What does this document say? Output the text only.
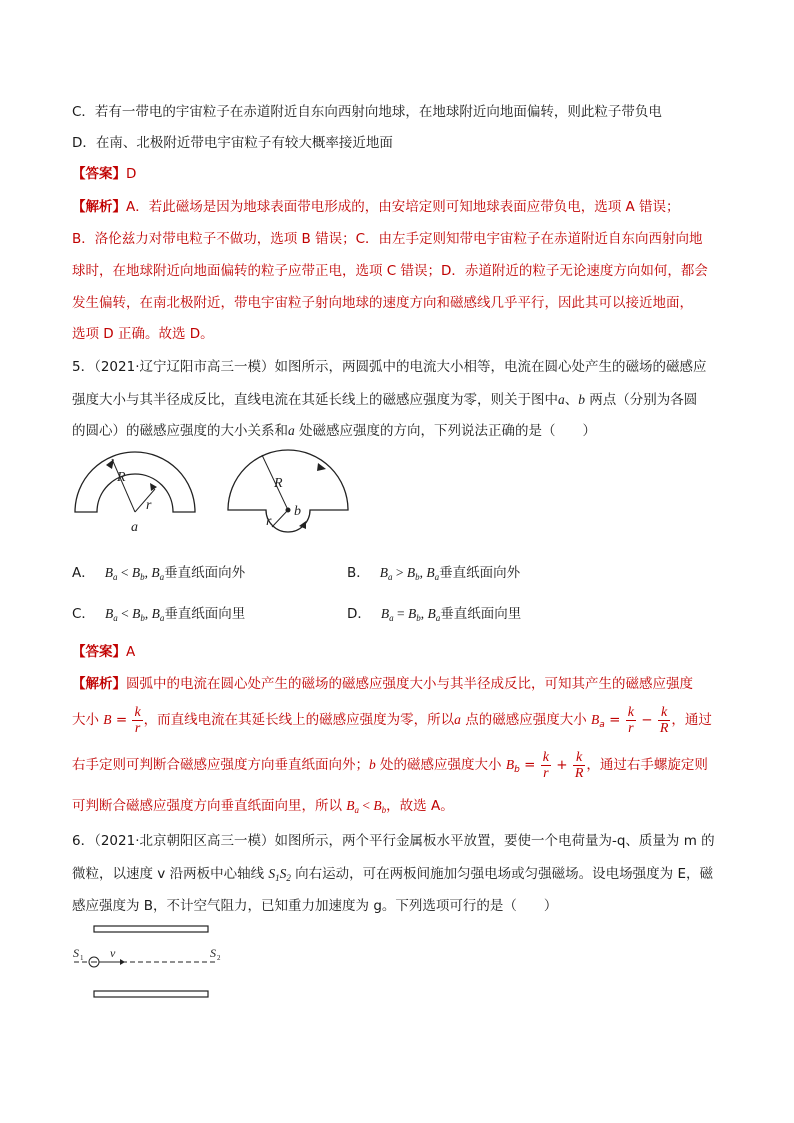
C．若有一带电的宇宙粒子在赤道附近自东向西射向地球，在地球附近向地面偏转，则此粒子带负电
D．在南、北极附近带电宇宙粒子有较大概率接近地面
【答案】D
【解析】A．若此磁场是因为地球表面带电形成的，由安培定则可知地球表面应带负电，选项 A 错误；
B．洛伦兹力对带电粒子不做功，选项 B 错误；C．由左手定则知带电宇宙粒子在赤道附近自东向西射向地
球时，在地球附近向地面偏转的粒子应带正电，选项 C 错误；D．赤道附近的粒子无论速度方向如何，都会
发生偏转，在南北极附近，带电宇宙粒子射向地球的速度方向和磁感线几乎平行，因此其可以接近地面，
选项 D 正确。故选 D。
5．（2021·辽宁辽阳市高三一模）如图所示，两圆弧中的电流大小相等，电流在圆心处产生的磁场的磁感应
强度大小与其半径成反比，直线电流在其延长线上的磁感应强度为零，则关于图中a、b 两点（分别为各圆
的圆心）的磁感应强度的大小关系和a 处磁感应强度的方向，下列说法正确的是（　　）
R
r
a
R
r
b
A． $B_a < B_b$, $B_a$垂直纸面向外	B． $B_a > B_b$, $B_a$垂直纸面向外
C． $B_a < B_b$, $B_a$垂直纸面向里	D． $B_a = B_b$, $B_a$垂直纸面向里
【答案】A
【解析】圆弧中的电流在圆心处产生的磁场的磁感应强度大小与其半径成反比，可知其产生的磁感应强度
大小 $B = \frac{k}{r}$ ，而直线电流在其延长线上的磁感应强度为零，所以a 点的磁感应强度大小 $B_a = \frac{k}{r} - \frac{k}{R}$ ，通过
右手定则可判断合磁感应强度方向垂直纸面向外；b 处的磁感应强度大小 $B_b = \frac{k}{r} + \frac{k}{R}$ ，通过右手螺旋定则
可判断合磁感应强度方向垂直纸面向里，所以 $B_a < B_b$，故选 A。
6．（2021·北京朝阳区高三一模）如图所示，两个平行金属板水平放置，要使一个电荷量为-q、质量为 m 的
微粒，以速度 v 沿两板中心轴线 $S_1S_2$ 向右运动，可在两板间施加匀强电场或匀强磁场。设电场强度为 E，磁
感应强度为 B，不计空气阻力，已知重力加速度为 g。下列选项可行的是（　　）
S	v	S
1	2
